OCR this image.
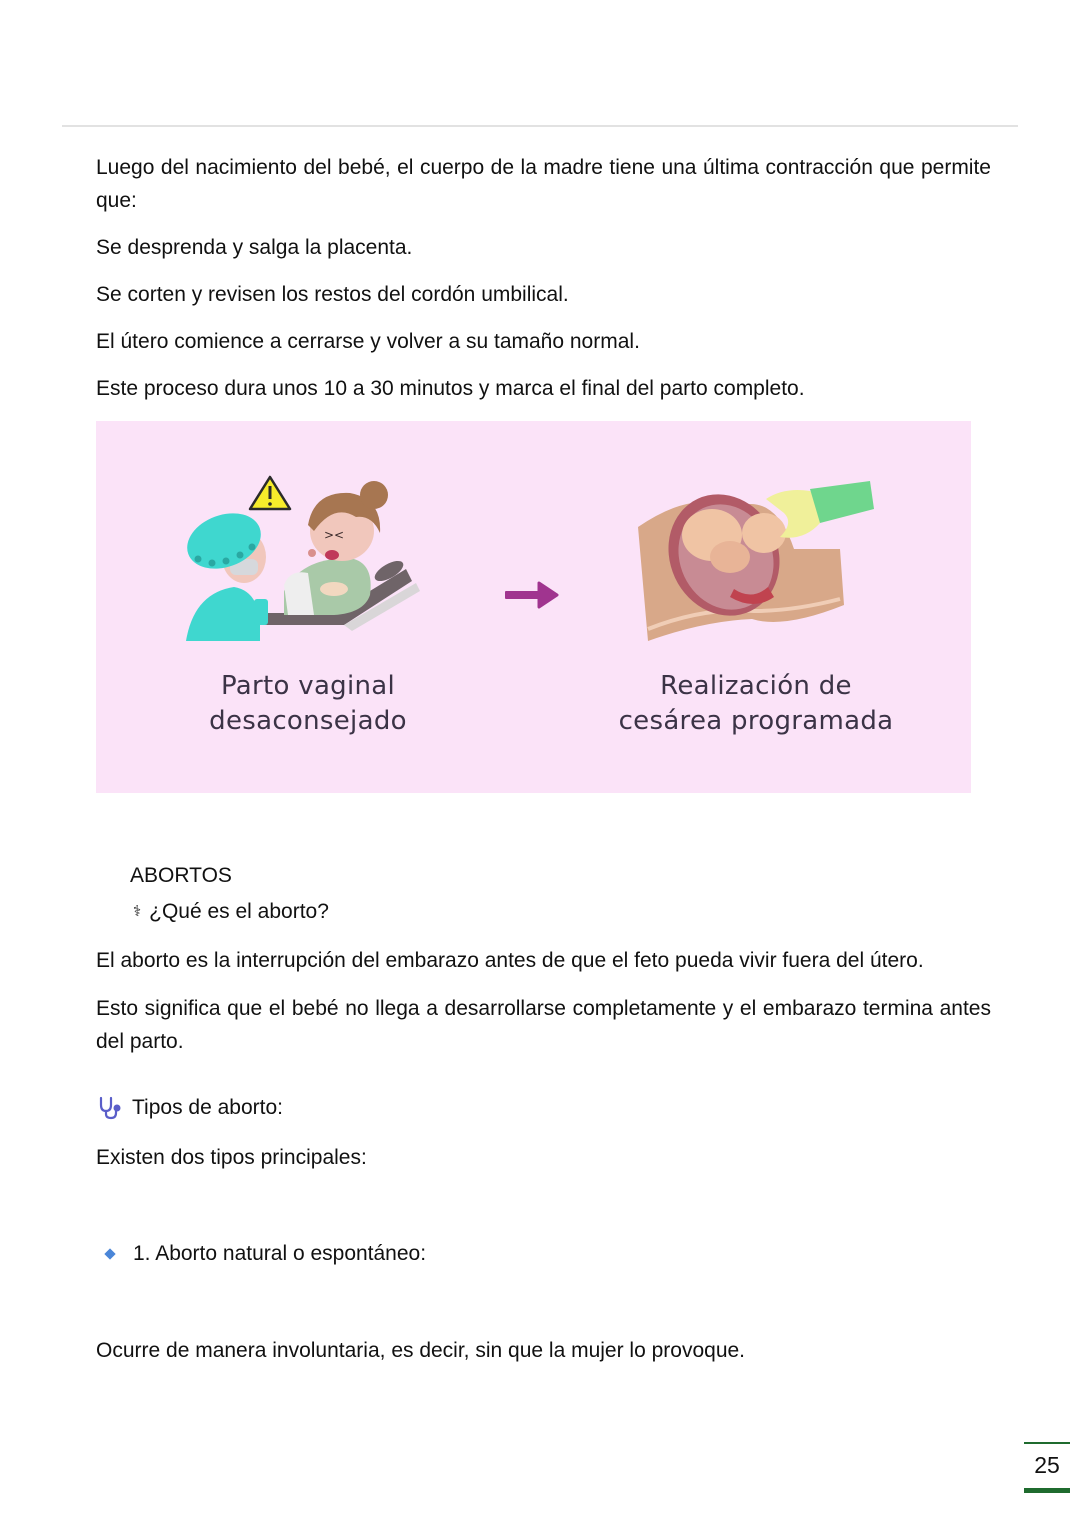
Luego del nacimiento del bebé, el cuerpo de la madre tiene una última contracción que permite que:

Se desprenda y salga la placenta.

Se corten y revisen los restos del cordón umbilical.

El útero comience a cerrarse y volver a su tamaño normal.

Este proceso dura unos 10 a 30 minutos y marca el final del parto completo.

><
Parto vaginal
desaconsejado
Realización de
cesárea programada
ABORTOS
⚕ ¿Qué es el aborto?

El aborto es la interrupción del embarazo antes de que el feto pueda vivir fuera del útero.

Esto significa que el bebé no llega a desarrollarse completamente y el embarazo termina antes del parto.

Tipos de aborto:

Existen dos tipos principales:

1. Aborto natural o espontáneo:

Ocurre de manera involuntaria, es decir, sin que la mujer lo provoque.

25
